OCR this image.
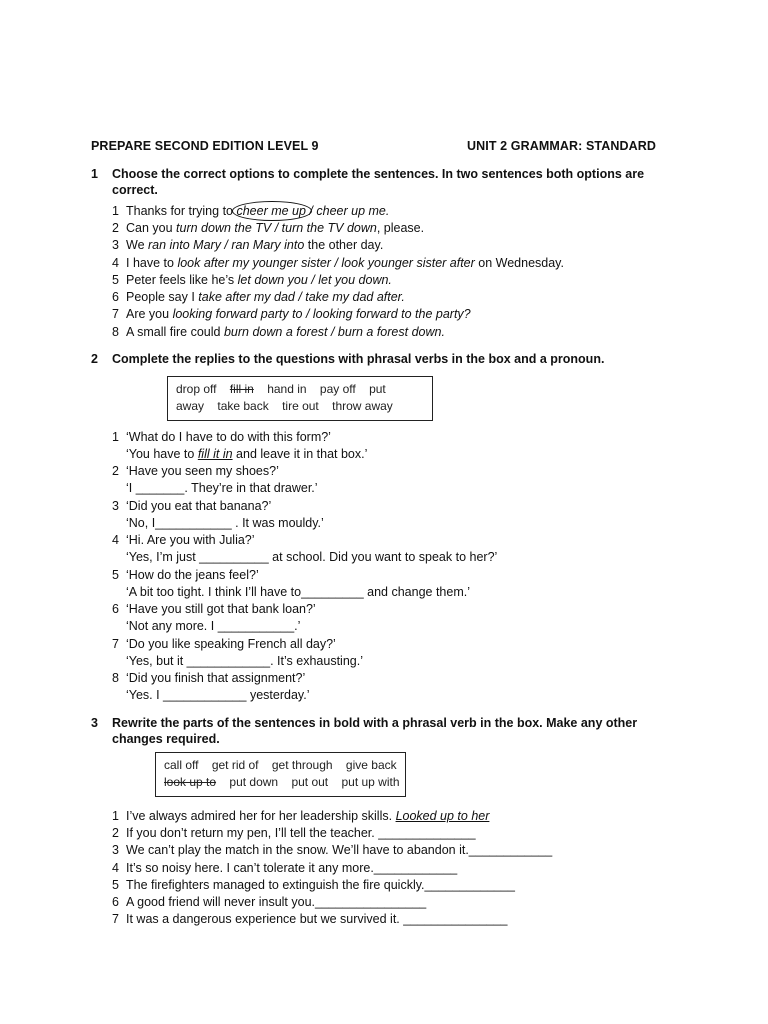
PREPARE SECOND EDITION LEVEL 9	UNIT 2 GRAMMAR: STANDARD
1 Choose the correct options to complete the sentences. In two sentences both options are correct.
1 Thanks for trying to cheer me up / cheer up me.
2 Can you turn down the TV / turn the TV down, please.
3 We ran into Mary / ran Mary into the other day.
4 I have to look after my younger sister / look younger sister after on Wednesday.
5 Peter feels like he’s let down you / let you down.
6 People say I take after my dad / take my dad after.
7 Are you looking forward party to / looking forward to the party?
8 A small fire could burn down a forest / burn a forest down.
2 Complete the replies to the questions with phrasal verbs in the box and a pronoun.
drop off fill in hand in pay off put
away take back tire out throw away
1 ‘What do I have to do with this form?’
‘You have to fill it in and leave it in that box.’
2 ‘Have you seen my shoes?’
‘I _______. They’re in that drawer.’
3 ‘Did you eat that banana?’
‘No, I___________ . It was mouldy.’
4 ‘Hi. Are you with Julia?’
‘Yes, I’m just __________ at school. Did you want to speak to her?’
5 ‘How do the jeans feel?’
‘A bit too tight. I think I’ll have to_________ and change them.’
6 ‘Have you still got that bank loan?’
‘Not any more. I ___________.’
7 ‘Do you like speaking French all day?’
‘Yes, but it ____________. It’s exhausting.’
8 ‘Did you finish that assignment?’
‘Yes. I ____________ yesterday.’
3 Rewrite the parts of the sentences in bold with a phrasal verb in the box. Make any other changes required.
call off get rid of get through give back
look up to put down put out put up with
1 I’ve always admired her for her leadership skills. Looked up to her
2 If you don’t return my pen, I’ll tell the teacher. ______________
3 We can’t play the match in the snow. We’ll have to abandon it.____________
4 It’s so noisy here. I can’t tolerate it any more.____________
5 The firefighters managed to extinguish the fire quickly._____________
6 A good friend will never insult you.________________
7 It was a dangerous experience but we survived it. _______________
